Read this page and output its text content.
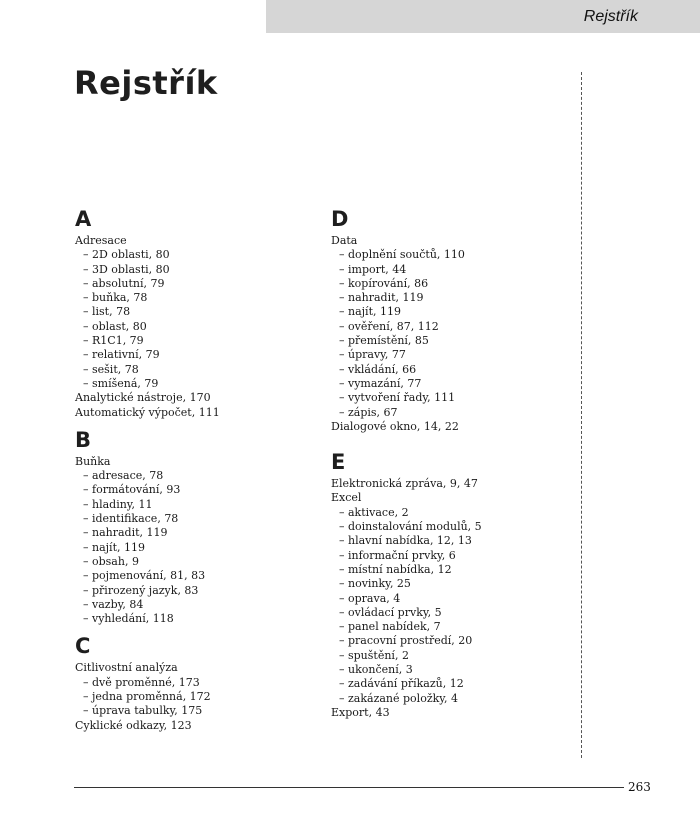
Rejstřík
Rejstřík
A
Adresace
– 2D oblasti, 80
– 3D oblasti, 80
– absolutní, 79
– buňka, 78
– list, 78
– oblast, 80
– R1C1, 79
– relativní, 79
– sešit, 78
– smíšená, 79
Analytické nástroje, 170
Automatický výpočet, 111
B
Buňka
– adresace, 78
– formátování, 93
– hladiny, 11
– identifikace, 78
– nahradit, 119
– najít, 119
– obsah, 9
– pojmenování, 81, 83
– přirozený jazyk, 83
– vazby, 84
– vyhledání, 118
C
Citlivostní analýza
– dvě proměnné, 173
– jedna proměnná, 172
– úprava tabulky, 175
Cyklické odkazy, 123
D
Data
– doplnění součtů, 110
– import, 44
– kopírování, 86
– nahradit, 119
– najít, 119
– ověření, 87, 112
– přemístění, 85
– úpravy, 77
– vkládání, 66
– vymazání, 77
– vytvoření řady, 111
– zápis, 67
Dialogové okno, 14, 22
E
Elektronická zpráva, 9, 47
Excel
– aktivace, 2
– doinstalování modulů, 5
– hlavní nabídka, 12, 13
– informační prvky, 6
– místní nabídka, 12
– novinky, 25
– oprava, 4
– ovládací prvky, 5
– panel nabídek, 7
– pracovní prostředí, 20
– spuštění, 2
– ukončení, 3
– zadávání příkazů, 12
– zakázané položky, 4
Export, 43
263
